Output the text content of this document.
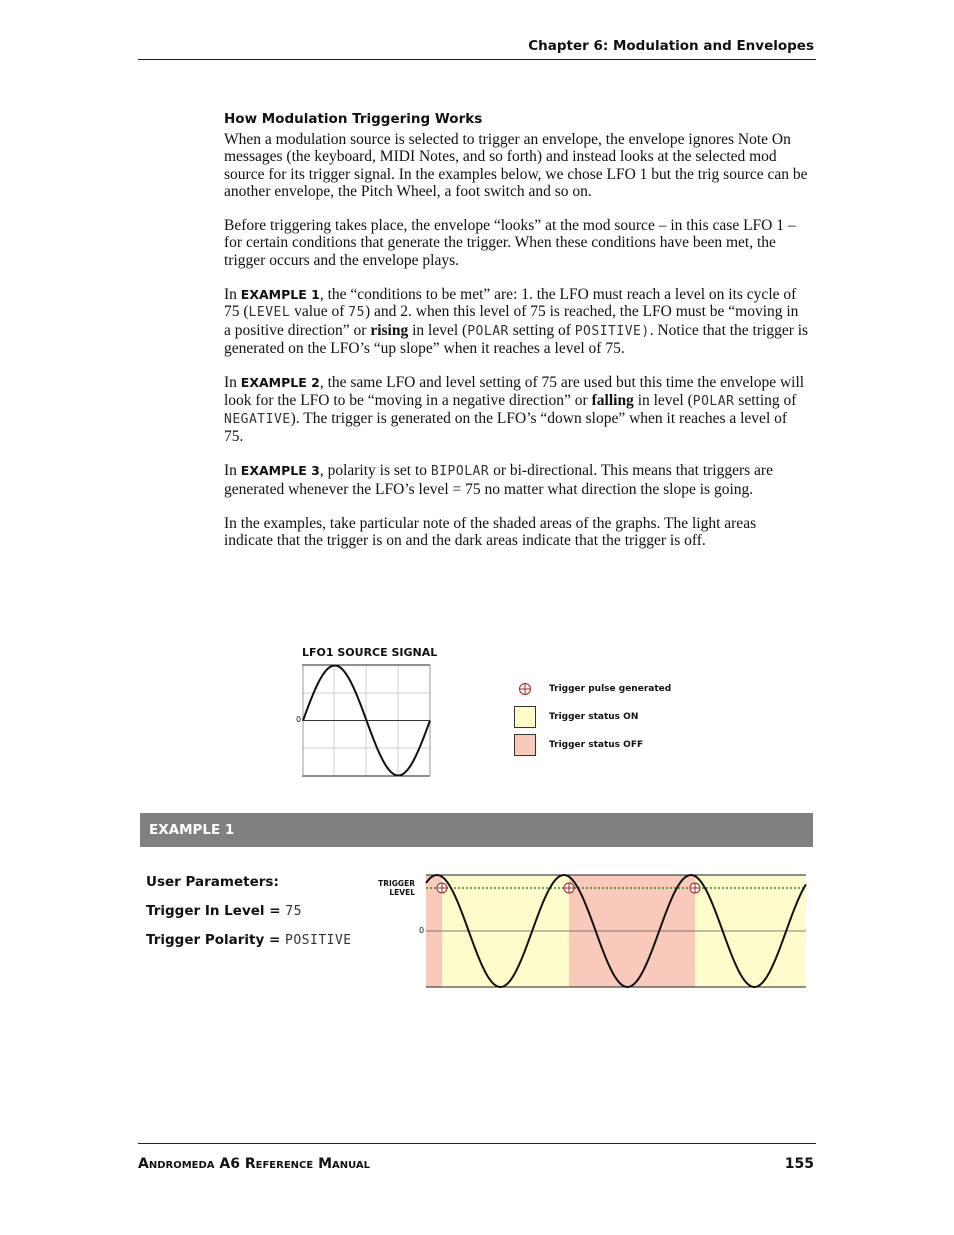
Chapter 6: Modulation and Envelopes
How Modulation Triggering Works

When a modulation source is selected to trigger an envelope, the envelope ignores Note On messages (the keyboard, MIDI Notes, and so forth) and instead looks at the selected mod source for its trigger signal. In the examples below, we chose LFO 1 but the trig source can be another envelope, the Pitch Wheel, a foot switch and so on.

Before triggering takes place, the envelope “looks” at the mod source – in this case LFO 1 – for certain conditions that generate the trigger. When these conditions have been met, the trigger occurs and the envelope plays.

In EXAMPLE 1, the “conditions to be met” are: 1. the LFO must reach a level on its cycle of 75 (LEVEL value of 75) and 2. when this level of 75 is reached, the LFO must be “moving in a positive direction” or rising in level (POLAR setting of POSITIVE). Notice that the trigger is generated on the LFO’s “up slope” when it reaches a level of 75.

In EXAMPLE 2, the same LFO and level setting of 75 are used but this time the envelope will look for the LFO to be “moving in a negative direction” or falling in level (POLAR setting of NEGATIVE). The trigger is generated on the LFO’s “down slope” when it reaches a level of 75.

In EXAMPLE 3, polarity is set to BIPOLAR or bi-directional. This means that triggers are generated whenever the LFO’s level = 75 no matter what direction the slope is going.

In the examples, take particular note of the shaded areas of the graphs. The light areas indicate that the trigger is on and the dark areas indicate that the trigger is off.

LFO1 SOURCE SIGNAL
0
Trigger pulse generated
Trigger status ON
Trigger status OFF
EXAMPLE 1
User Parameters:
Trigger In Level = 75
Trigger Polarity = POSITIVE
TRIGGER
LEVEL
0
Andromeda A6 Reference Manual	155
